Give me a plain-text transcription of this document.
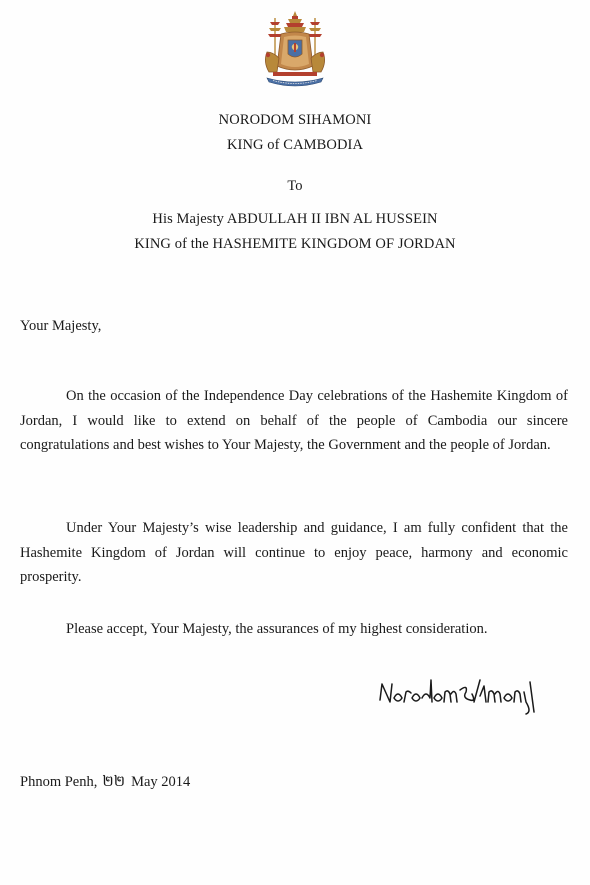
NORODOM SIHAMONI
KING of CAMBODIA
To
His Majesty ABDULLAH II IBN AL HUSSEIN
KING of the HASHEMITE KINGDOM OF JORDAN
Your Majesty,
On the occasion of the Independence Day celebrations of the Hashemite Kingdom of Jordan, I would like to extend on behalf of the people of Cambodia our sincere congratulations and best wishes to Your Majesty, the Government and the people of Jordan.
Under Your Majesty’s wise leadership and guidance, I am fully confident that the Hashemite Kingdom of Jordan will continue to enjoy peace, harmony and economic prosperity.
Please accept, Your Majesty, the assurances of my highest consideration.
Phnom Penh, ២២ May 2014
